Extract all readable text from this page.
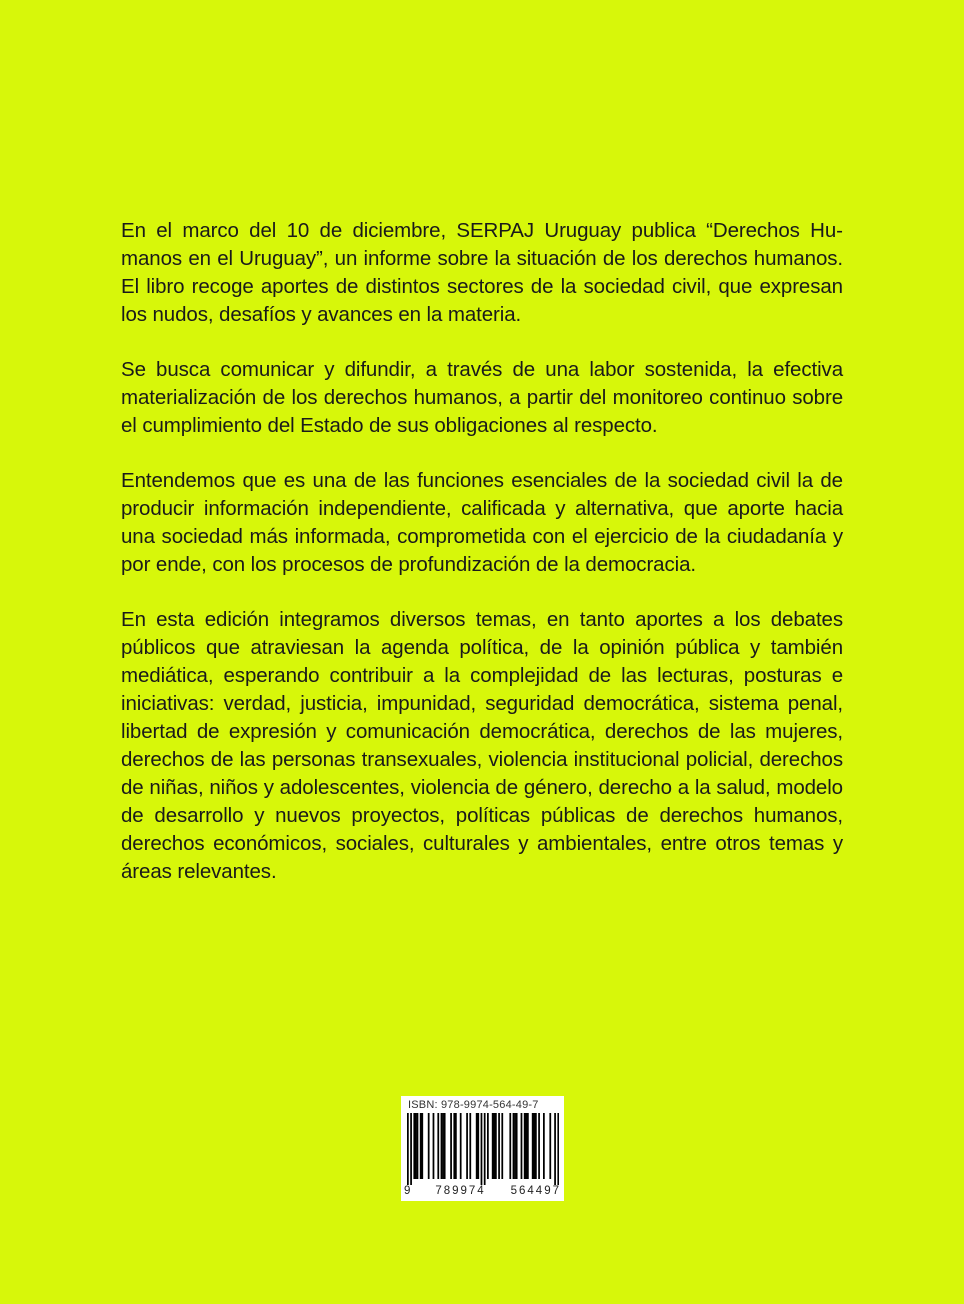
En el marco del 10 de diciembre, SERPAJ Uruguay publica “Derechos Humanos en el Uruguay”, un informe sobre la situación de los derechos humanos. El libro recoge aportes de distintos sectores de la sociedad civil, que expresan los nudos, desafíos y avances en la materia.

Se busca comunicar y difundir, a través de una labor sostenida, la efectiva materialización de los derechos humanos, a partir del monitoreo continuo sobre el cumplimiento del Estado de sus obligaciones al respecto.

Entendemos que es una de las funciones esenciales de la sociedad civil la de producir información independiente, calificada y alternativa, que aporte hacia una sociedad más informada, comprometida con el ejercicio de la ciudadanía y por ende, con los procesos de profundización de la democracia.

En esta edición integramos diversos temas, en tanto aportes a los debates públicos que atraviesan la agenda política, de la opinión pública y también mediática, esperando contribuir a la complejidad de las lecturas, posturas e iniciativas: verdad, justicia, impunidad, seguridad democrática, sistema penal, libertad de expresión y comunicación democrática, derechos de las mujeres, derechos de las personas transexuales, violencia institucional policial, derechos de niñas, niños y adolescentes, violencia de género, derecho a la salud, modelo de desarrollo y nuevos proyectos, políticas públicas de derechos humanos, derechos económicos, sociales, culturales y ambientales, entre otros temas y áreas relevantes.

ISBN: 978-9974-564-49-7
9 789974 564497
